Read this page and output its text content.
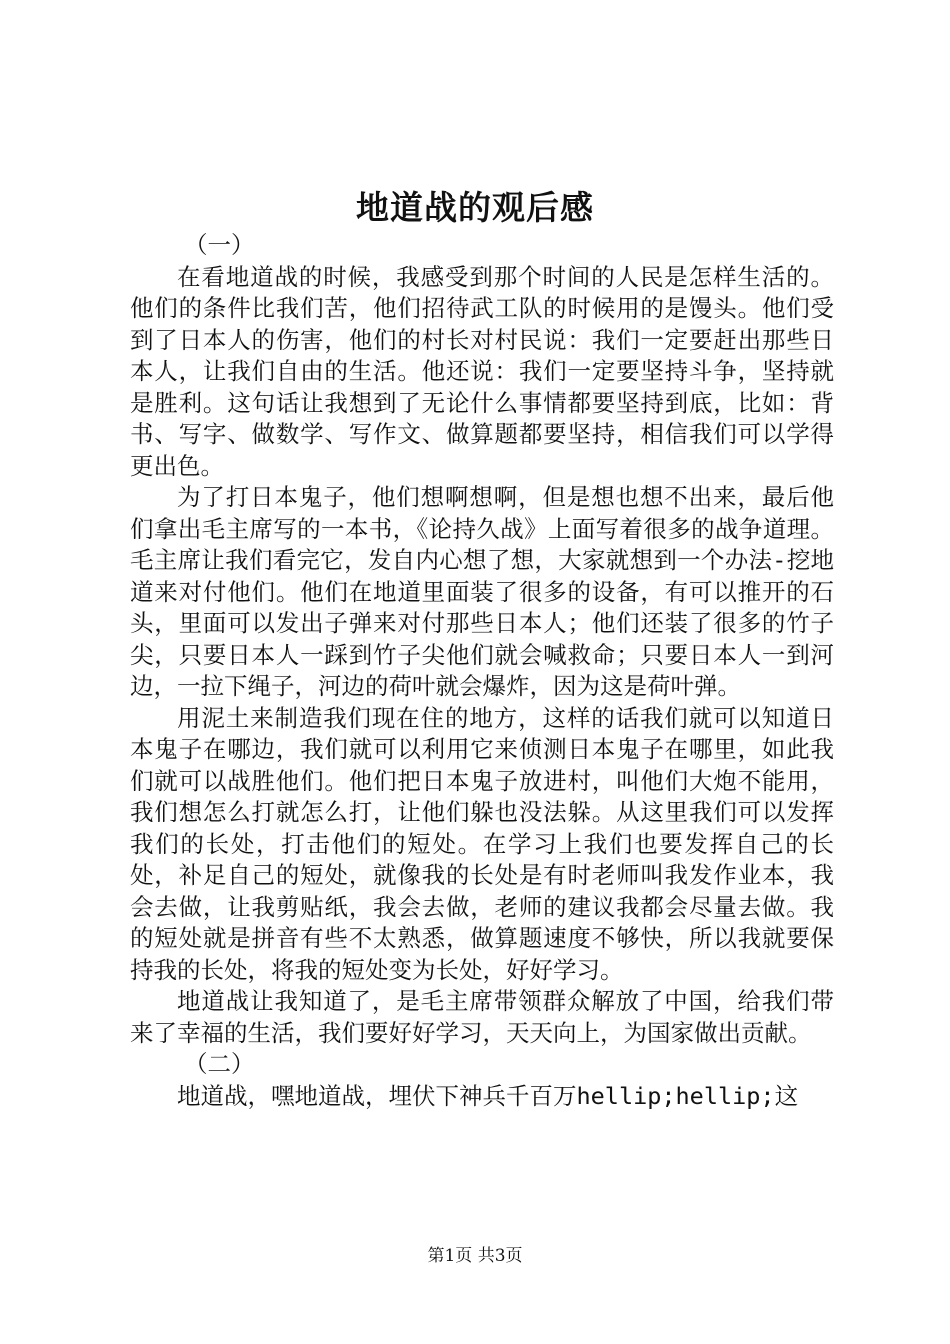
地道战的观后感

（一）

在看地道战的时候，我感受到那个时间的人民是怎样生活的。他们的条件比我们苦，他们招待武工队的时候用的是馒头。他们受到了日本人的伤害，他们的村长对村民说：我们一定要赶出那些日本人，让我们自由的生活。他还说：我们一定要坚持斗争，坚持就是胜利。这句话让我想到了无论什么事情都要坚持到底，比如：背书、写字、做数学、写作文、做算题都要坚持，相信我们可以学得更出色。

为了打日本鬼子，他们想啊想啊，但是想也想不出来，最后他们拿出毛主席写的一本书，《论持久战》上面写着很多的战争道理。毛主席让我们看完它，发自内心想了想，大家就想到一个办法-挖地道来对付他们。他们在地道里面装了很多的设备，有可以推开的石头，里面可以发出子弹来对付那些日本人；他们还装了很多的竹子尖，只要日本人一踩到竹子尖他们就会喊救命；只要日本人一到河边，一拉下绳子，河边的荷叶就会爆炸，因为这是荷叶弹。

用泥土来制造我们现在住的地方，这样的话我们就可以知道日本鬼子在哪边，我们就可以利用它来侦测日本鬼子在哪里，如此我们就可以战胜他们。他们把日本鬼子放进村，叫他们大炮不能用，我们想怎么打就怎么打，让他们躲也没法躲。从这里我们可以发挥我们的长处，打击他们的短处。在学习上我们也要发挥自己的长处，补足自己的短处，就像我的长处是有时老师叫我发作业本，我会去做，让我剪贴纸，我会去做，老师的建议我都会尽量去做。我的短处就是拼音有些不太熟悉，做算题速度不够快，所以我就要保持我的长处，将我的短处变为长处，好好学习。

地道战让我知道了，是毛主席带领群众解放了中国，给我们带来了幸福的生活，我们要好好学习，天天向上，为国家做出贡献。

（二）

地道战，嘿地道战，埋伏下神兵千百万hellip;hellip;这

第1页 共3页
